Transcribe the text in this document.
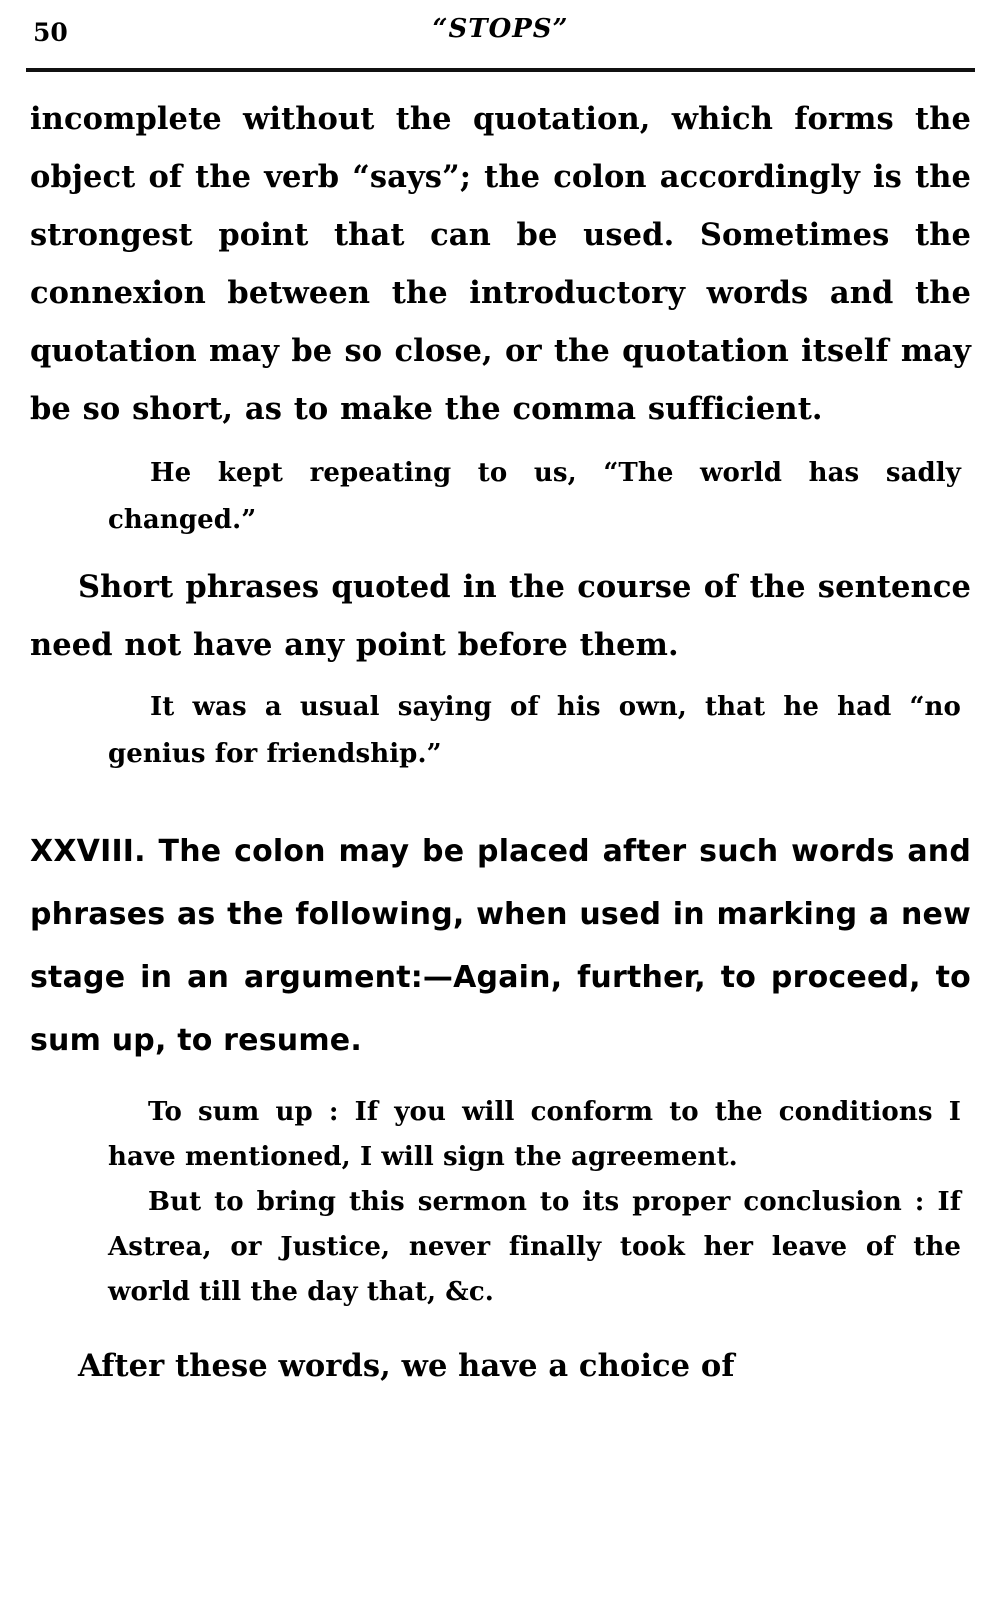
50	“STOPS”

incomplete without the quotation, which forms the object of the verb “says”; the colon accordingly is the strongest point that can be used. Sometimes the connexion between the introductory words and the quotation may be so close, or the quotation itself may be so short, as to make the comma sufficient.

He kept repeating to us, “The world has sadly changed.”

Short phrases quoted in the course of the sentence need not have any point before them.

It was a usual saying of his own, that he had “no genius for friendship.”

XXVIII. The colon may be placed after such words and phrases as the following, when used in marking a new stage in an argument:—Again, further, to proceed, to sum up, to resume.

To sum up : If you will conform to the conditions I have mentioned, I will sign the agreement.

But to bring this sermon to its proper conclusion : If Astrea, or Justice, never finally took her leave of the world till the day that, &c.

After these words, we have a choice of
